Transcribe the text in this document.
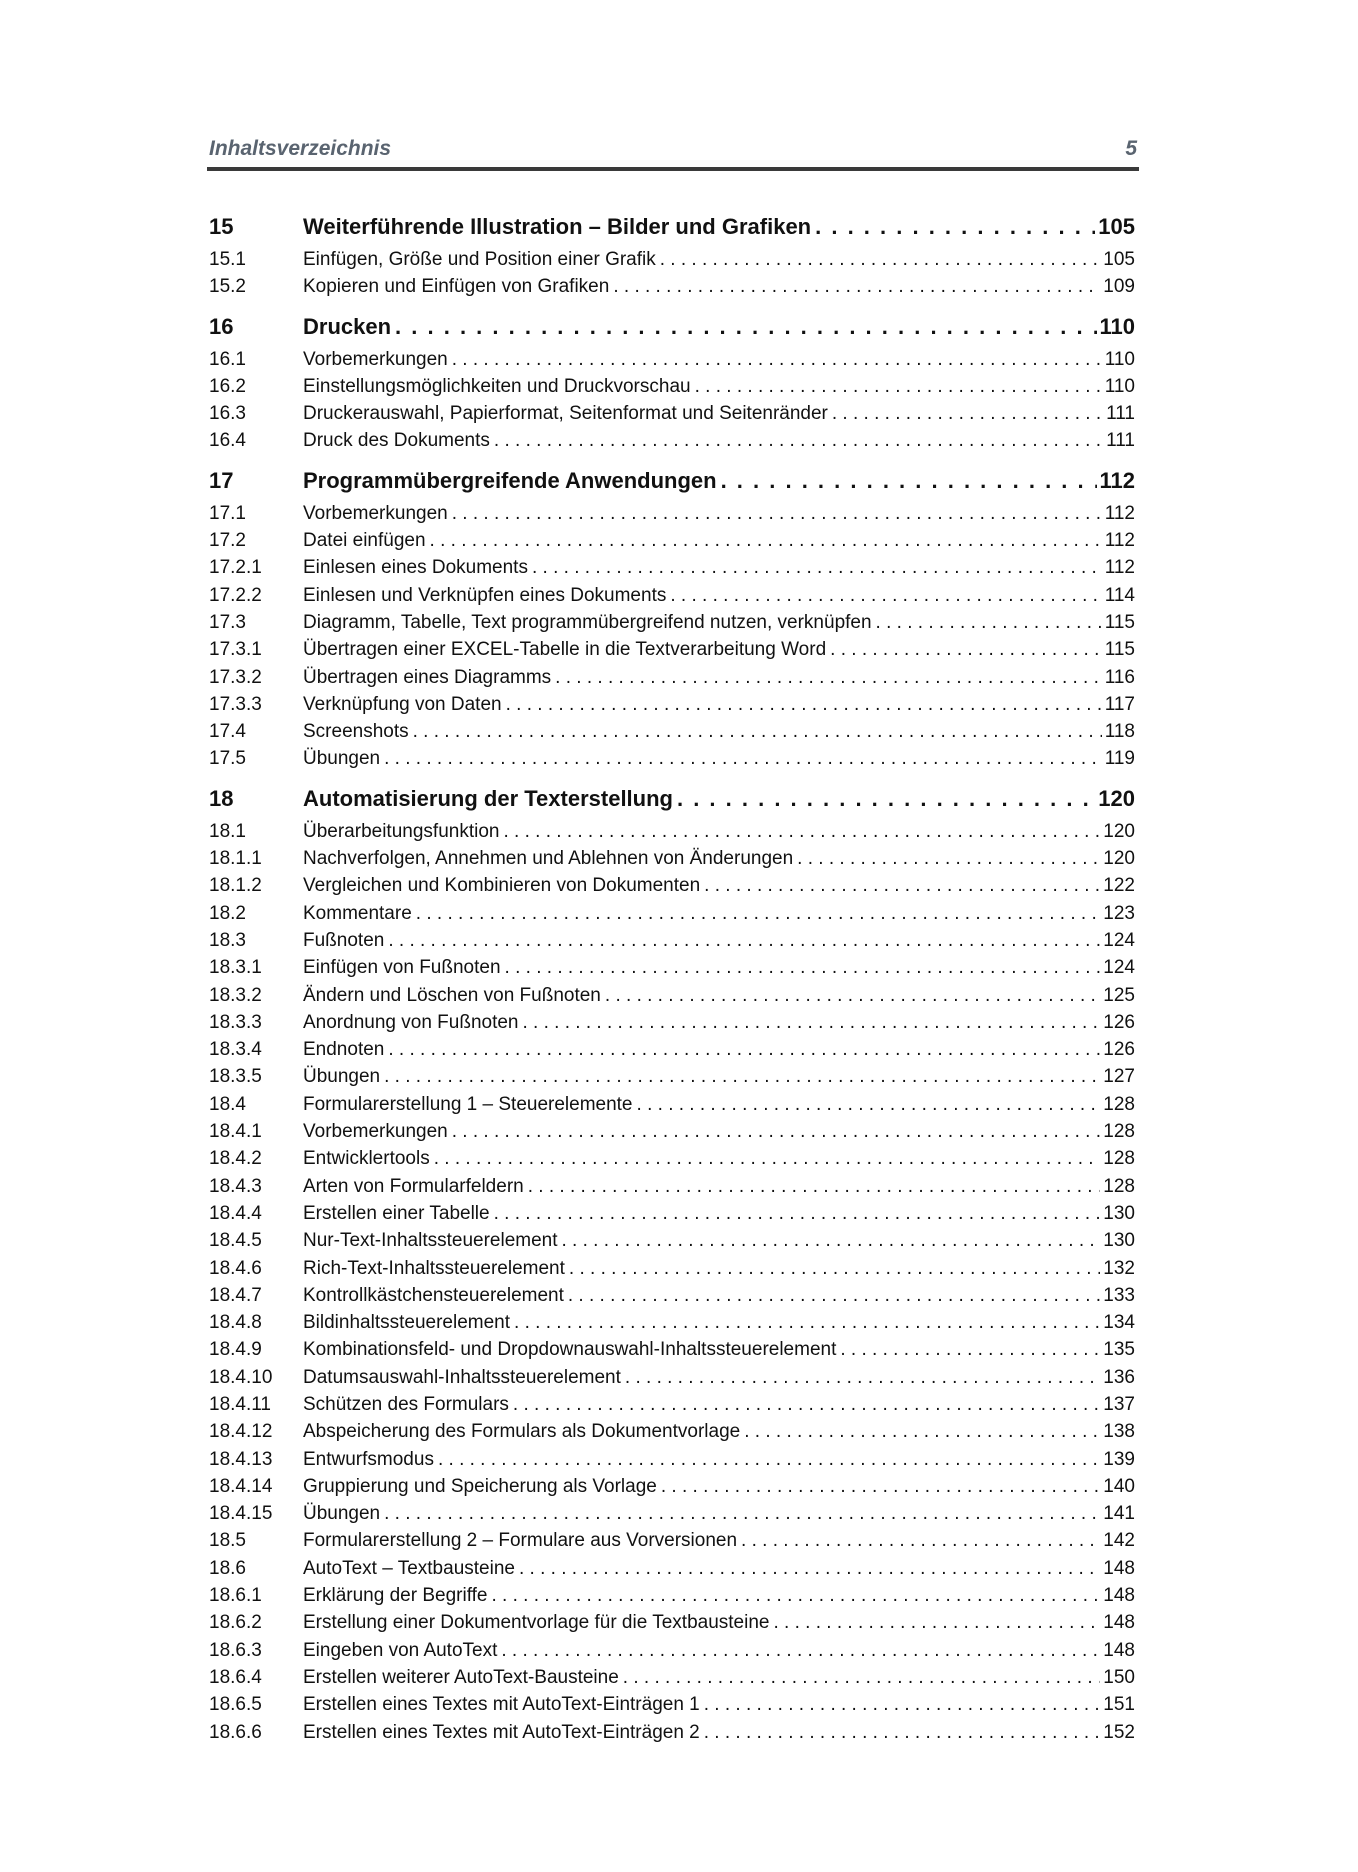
Inhaltsverzeichnis	5
15	Weiterführende Illustration – Bilder und Grafiken . . .	105
15.1	Einfügen, Größe und Position einer Grafik . . .	105
15.2	Kopieren und Einfügen von Grafiken . . .	109
16	Drucken . . .	110
16.1	Vorbemerkungen . . .	110
16.2	Einstellungsmöglichkeiten und Druckvorschau . . .	110
16.3	Druckerauswahl, Papierformat, Seitenformat und Seitenränder . . .	111
16.4	Druck des Dokuments . . .	111
17	Programmübergreifende Anwendungen . . .	112
17.1	Vorbemerkungen . . .	112
17.2	Datei einfügen . . .	112
17.2.1	Einlesen eines Dokuments . . .	112
17.2.2	Einlesen und Verknüpfen eines Dokuments . . .	114
17.3	Diagramm, Tabelle, Text programmübergreifend nutzen, verknüpfen . . .	115
17.3.1	Übertragen einer EXCEL-Tabelle in die Textverarbeitung Word . . .	115
17.3.2	Übertragen eines Diagramms . . .	116
17.3.3	Verknüpfung von Daten . . .	117
17.4	Screenshots . . .	118
17.5	Übungen . . .	119
18	Automatisierung der Texterstellung . . .	120
18.1	Überarbeitungsfunktion . . .	120
18.1.1	Nachverfolgen, Annehmen und Ablehnen von Änderungen . . .	120
18.1.2	Vergleichen und Kombinieren von Dokumenten . . .	122
18.2	Kommentare . . .	123
18.3	Fußnoten . . .	124
18.3.1	Einfügen von Fußnoten . . .	124
18.3.2	Ändern und Löschen von Fußnoten . . .	125
18.3.3	Anordnung von Fußnoten . . .	126
18.3.4	Endnoten . . .	126
18.3.5	Übungen . . .	127
18.4	Formularerstellung 1 – Steuerelemente . . .	128
18.4.1	Vorbemerkungen . . .	128
18.4.2	Entwicklertools . . .	128
18.4.3	Arten von Formularfeldern . . .	128
18.4.4	Erstellen einer Tabelle . . .	130
18.4.5	Nur-Text-Inhaltssteuerelement . . .	130
18.4.6	Rich-Text-Inhaltssteuerelement . . .	132
18.4.7	Kontrollkästchensteuerelement . . .	133
18.4.8	Bildinhaltssteuerelement . . .	134
18.4.9	Kombinationsfeld- und Dropdownauswahl-Inhaltssteuerelement . . .	135
18.4.10	Datumsauswahl-Inhaltssteuerelement . . .	136
18.4.11	Schützen des Formulars . . .	137
18.4.12	Abspeicherung des Formulars als Dokumentvorlage . . .	138
18.4.13	Entwurfsmodus . . .	139
18.4.14	Gruppierung und Speicherung als Vorlage . . .	140
18.4.15	Übungen . . .	141
18.5	Formularerstellung 2 – Formulare aus Vorversionen . . .	142
18.6	AutoText – Textbausteine . . .	148
18.6.1	Erklärung der Begriffe . . .	148
18.6.2	Erstellung einer Dokumentvorlage für die Textbausteine . . .	148
18.6.3	Eingeben von AutoText . . .	148
18.6.4	Erstellen weiterer AutoText-Bausteine . . .	150
18.6.5	Erstellen eines Textes mit AutoText-Einträgen 1 . . .	151
18.6.6	Erstellen eines Textes mit AutoText-Einträgen 2 . . .	152
